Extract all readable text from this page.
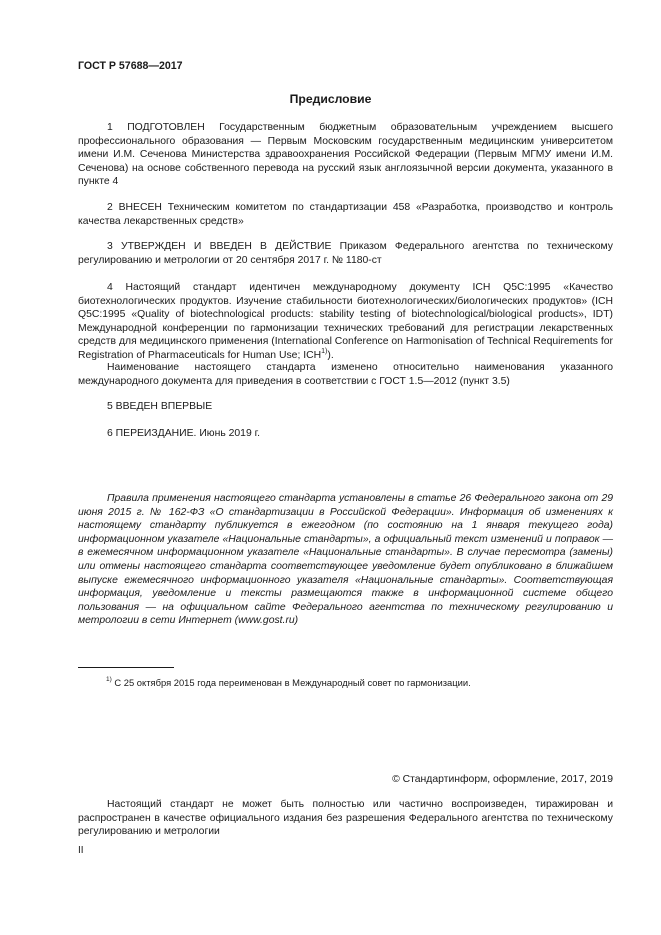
ГОСТ Р 57688—2017
Предисловие

1 ПОДГОТОВЛЕН Государственным бюджетным образовательным учреждением высшего профессионального образования — Первым Московским государственным медицинским университетом имени И.М. Сеченова Министерства здравоохранения Российской Федерации (Первым МГМУ имени И.М. Сеченова) на основе собственного перевода на русский язык англоязычной версии документа, указанного в пункте 4

2 ВНЕСЕН Техническим комитетом по стандартизации 458 «Разработка, производство и контроль качества лекарственных средств»

3 УТВЕРЖДЕН И ВВЕДЕН В ДЕЙСТВИЕ Приказом Федерального агентства по техническому регулированию и метрологии от 20 сентября 2017 г. № 1180-ст

4 Настоящий стандарт идентичен международному документу ICH Q5C:1995 «Качество биотехнологических продуктов. Изучение стабильности биотехнологических/биологических продуктов» (ICH Q5C:1995 «Quality of biotechnological products: stability testing of biotechnological/biological products», IDT) Международной конференции по гармонизации технических требований для регистрации лекарственных средств для медицинского применения (International Conference on Harmonisation of Technical Requirements for Registration of Pharmaceuticals for Human Use; ICH$^{1)}$).

Наименование настоящего стандарта изменено относительно наименования указанного международного документа для приведения в соответствии с ГОСТ 1.5—2012 (пункт 3.5)

5 ВВЕДЕН ВПЕРВЫЕ

6 ПЕРЕИЗДАНИЕ. Июнь 2019 г.

Правила применения настоящего стандарта установлены в статье 26 Федерального закона от 29 июня 2015 г. № 162-ФЗ «О стандартизации в Российской Федерации». Информация об изменениях к настоящему стандарту публикуется в ежегодном (по состоянию на 1 января текущего года) информационном указателе «Национальные стандарты», а официальный текст изменений и поправок — в ежемесячном информационном указателе «Национальные стандарты». В случае пересмотра (замены) или отмены настоящего стандарта соответствующее уведомление будет опубликовано в ближайшем выпуске ежемесячного информационного указателя «Национальные стандарты». Соответствующая информация, уведомление и тексты размещаются также в информационной системе общего пользования — на официальном сайте Федерального агентства по техническому регулированию и метрологии в сети Интернет (www.gost.ru)

$^{1)}$ С 25 октября 2015 года переименован в Международный совет по гармонизации.
© Стандартинформ, оформление, 2017, 2019

Настоящий стандарт не может быть полностью или частично воспроизведен, тиражирован и распространен в качестве официального издания без разрешения Федерального агентства по техническому регулированию и метрологии

II
